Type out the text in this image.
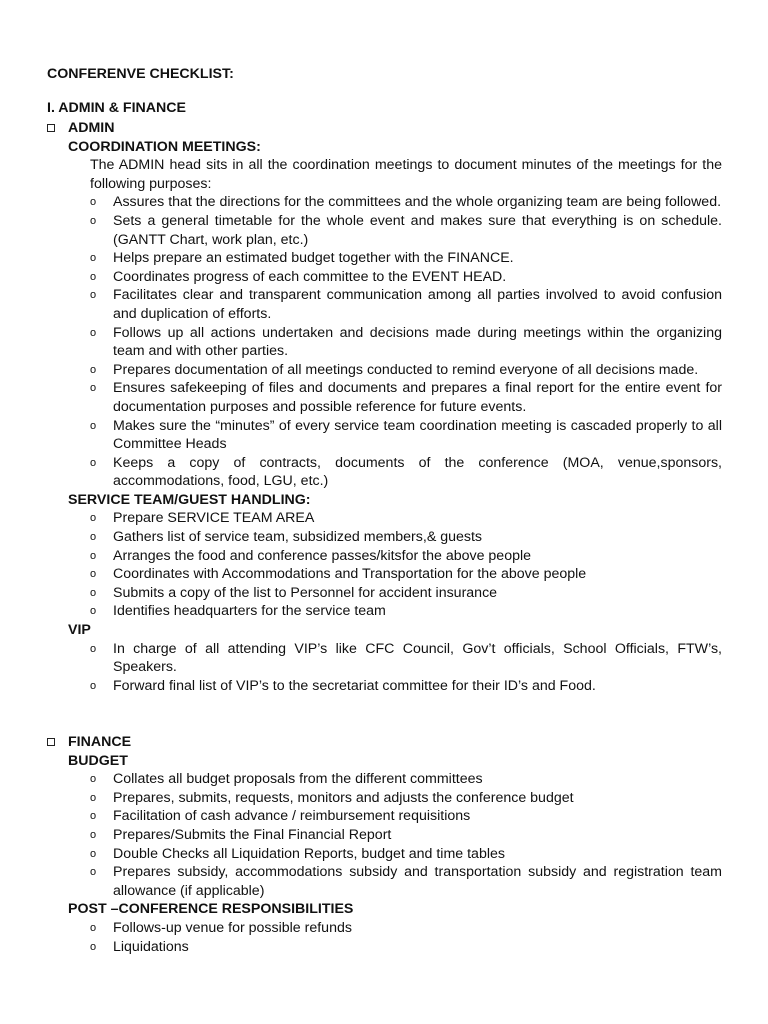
CONFERENVE CHECKLIST:
I. ADMIN & FINANCE
ADMIN
COORDINATION MEETINGS:
The ADMIN head sits in all the coordination meetings to document minutes of the meetings for the following purposes:
o Assures that the directions for the committees and the whole organizing team are being followed.
o Sets a general timetable for the whole event and makes sure that everything is on schedule. (GANTT Chart, work plan, etc.)
o Helps prepare an estimated budget together with the FINANCE.
o Coordinates progress of each committee to the EVENT HEAD.
o Facilitates clear and transparent communication among all parties involved to avoid confusion and duplication of efforts.
o Follows up all actions undertaken and decisions made during meetings within the organizing team and with other parties.
o Prepares documentation of all meetings conducted to remind everyone of all decisions made.
o Ensures safekeeping of files and documents and prepares a final report for the entire event for documentation purposes and possible reference for future events.
o Makes sure the “minutes” of every service team coordination meeting is cascaded properly to all Committee Heads
o Keeps a copy of contracts, documents of the conference (MOA, venue,sponsors, accommodations, food, LGU, etc.)
SERVICE TEAM/GUEST HANDLING:
o Prepare SERVICE TEAM AREA
o Gathers list of service team, subsidized members,& guests
o Arranges the food and conference passes/kitsfor the above people
o Coordinates with Accommodations and Transportation for the above people
o Submits a copy of the list to Personnel for accident insurance
o Identifies headquarters for the service team
VIP
o In charge of all attending VIP’s like CFC Council, Gov’t officials, School Officials, FTW’s, Speakers.
o Forward final list of VIP’s to the secretariat committee for their ID’s and Food.
FINANCE
BUDGET
o Collates all budget proposals from the different committees
o Prepares, submits, requests, monitors and adjusts the conference budget
o Facilitation of cash advance / reimbursement requisitions
o Prepares/Submits the Final Financial Report
o Double Checks all Liquidation Reports, budget and time tables
o Prepares subsidy, accommodations subsidy and transportation subsidy and registration team allowance (if applicable)
POST –CONFERENCE RESPONSIBILITIES
o Follows-up venue for possible refunds
o Liquidations
